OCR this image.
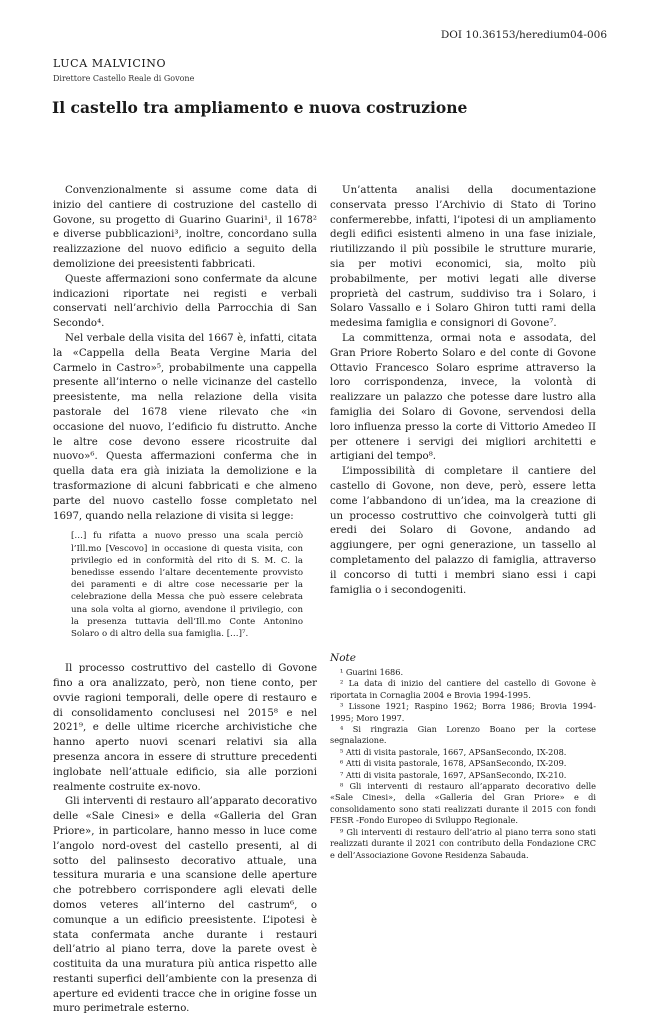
DOI 10.36153/heredium04-006
LUCA MALVICINO
Direttore Castello Reale di Govone
Il castello tra ampliamento e nuova costruzione

Convenzionalmente si assume come data di inizio del cantiere di costruzione del castello di Govone, su progetto di Guarino Guarini¹, il 1678² e diverse pubblicazioni³, inoltre, concordano sulla realizzazione del nuovo edificio a seguito della demolizione dei preesistenti fabbricati.

Queste affermazioni sono confermate da alcune indicazioni riportate nei registi e verbali conservati nell’archivio della Parrocchia di San Secondo⁴.

Nel verbale della visita del 1667 è, infatti, citata la «Cappella della Beata Vergine Maria del Carmelo in Castro»⁵, probabilmente una cappella presente all’interno o nelle vicinanze del castello preesistente, ma nella relazione della visita pastorale del 1678 viene rilevato che «in occasione del nuovo, l’edificio fu distrutto. Anche le altre cose devono essere ricostruite dal nuovo»⁶. Questa affermazioni conferma che in quella data era già iniziata la demolizione e la trasformazione di alcuni fabbricati e che almeno parte del nuovo castello fosse completato nel 1697, quando nella relazione di visita si legge:

[…] fu rifatta a nuovo presso una scala perciò l’Ill.mo [Vescovo] in occasione di questa visita, con privilegio ed in conformità del rito di S. M. C. la benedisse essendo l’altare decentemente provvisto dei paramenti e di altre cose necessarie per la celebrazione della Messa che può essere celebrata una sola volta al giorno, avendone il privilegio, con la presenza tuttavia dell’Ill.mo Conte Antonino Solaro o di altro della sua famiglia. […]⁷.

Il processo costruttivo del castello di Govone fino a ora analizzato, però, non tiene conto, per ovvie ragioni temporali, delle opere di restauro e di consolidamento conclusesi nel 2015⁸ e nel 2021⁹, e delle ultime ricerche archivistiche che hanno aperto nuovi scenari relativi sia alla presenza ancora in essere di strutture precedenti inglobate nell’attuale edificio, sia alle porzioni realmente costruite ex-novo.

Gli interventi di restauro all’apparato decorativo delle «Sale Cinesi» e della «Galleria del Gran Priore», in particolare, hanno messo in luce come l’angolo nord-ovest del castello presenti, al di sotto del palinsesto decorativo attuale, una tessitura muraria e una scansione delle aperture che potrebbero corrispondere agli elevati delle domos veteres all’interno del castrum⁶, o comunque a un edificio preesistente. L’ipotesi è stata confermata anche durante i restauri dell’atrio al piano terra, dove la parete ovest è costituita da una muratura più antica rispetto alle restanti superfici dell’ambiente con la presenza di aperture ed evidenti tracce che in origine fosse un muro perimetrale esterno.

Un’attenta analisi della documentazione conservata presso l’Archivio di Stato di Torino confermerebbe, infatti, l’ipotesi di un ampliamento degli edifici esistenti almeno in una fase iniziale, riutilizzando il più possibile le strutture murarie, sia per motivi economici, sia, molto più probabilmente, per motivi legati alle diverse proprietà del castrum, suddiviso tra i Solaro, i Solaro Vassallo e i Solaro Ghiron tutti rami della medesima famiglia e consignori di Govone⁷.

La committenza, ormai nota e assodata, del Gran Priore Roberto Solaro e del conte di Govone Ottavio Francesco Solaro esprime attraverso la loro corrispondenza, invece, la volontà di realizzare un palazzo che potesse dare lustro alla famiglia dei Solaro di Govone, servendosi della loro influenza presso la corte di Vittorio Amedeo II per ottenere i servigi dei migliori architetti e artigiani del tempo⁸.

L’impossibilità di completare il cantiere del castello di Govone, non deve, però, essere letta come l’abbandono di un’idea, ma la creazione di un processo costruttivo che coinvolgerà tutti gli eredi dei Solaro di Govone, andando ad aggiungere, per ogni generazione, un tassello al completamento del palazzo di famiglia, attraverso il concorso di tutti i membri siano essi i capi famiglia o i secondogeniti.

Note
¹ Guarini 1686.
² La data di inizio del cantiere del castello di Govone è riportata in Cornaglia 2004 e Brovia 1994-1995.
³ Lissone 1921; Raspino 1962; Borra 1986; Brovia 1994-1995; Moro 1997.
⁴ Si ringrazia Gian Lorenzo Boano per la cortese segnalazione.
⁵ Atti di visita pastorale, 1667, APSanSecondo, IX-208.
⁶ Atti di visita pastorale, 1678, APSanSecondo, IX-209.
⁷ Atti di visita pastorale, 1697, APSanSecondo, IX-210.
⁸ Gli interventi di restauro all’apparato decorativo delle «Sale Cinesi», della «Galleria del Gran Priore» e di consolidamento sono stati realizzati durante il 2015 con fondi FESR -Fondo Europeo di Sviluppo Regionale.
⁹ Gli interventi di restauro dell’atrio al piano terra sono stati realizzati durante il 2021 con contributo della Fondazione CRC e dell’Associazione Govone Residenza Sabauda.
